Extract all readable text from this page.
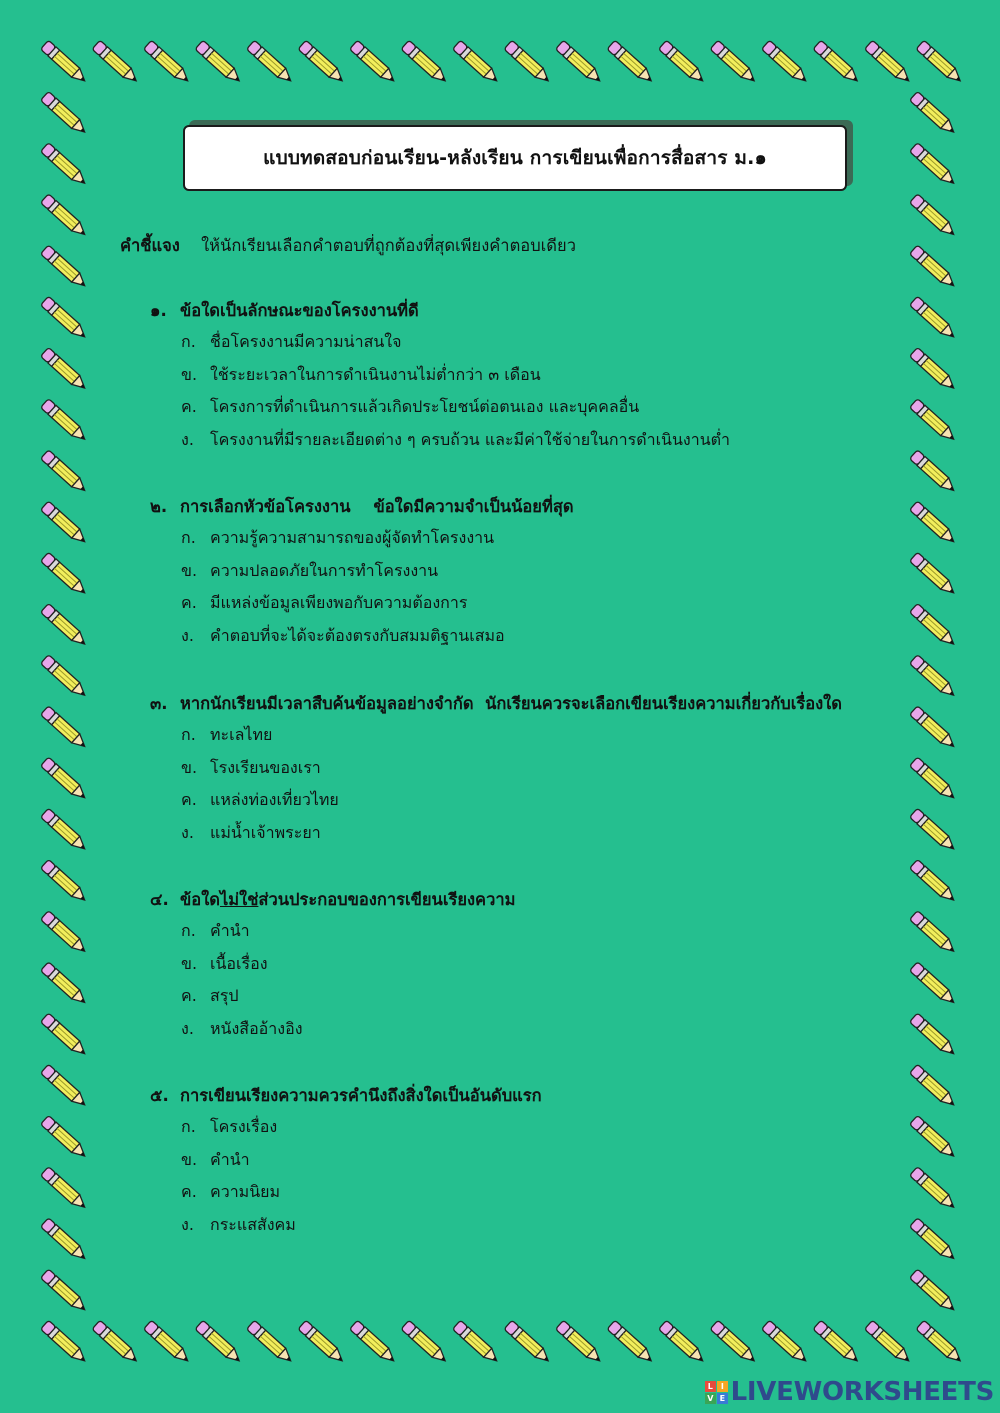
แบบทดสอบก่อนเรียน-หลังเรียน การเขียนเพื่อการสื่อสาร ม.๑
คำชี้แจง ให้นักเรียนเลือกคำตอบที่ถูกต้องที่สุดเพียงคำตอบเดียว
๑. ข้อใดเป็นลักษณะของโครงงานที่ดี
ก. ชื่อโครงงานมีความน่าสนใจ
ข. ใช้ระยะเวลาในการดำเนินงานไม่ต่ำกว่า ๓ เดือน
ค. โครงการที่ดำเนินการแล้วเกิดประโยชน์ต่อตนเอง และบุคคลอื่น
ง. โครงงานที่มีรายละเอียดต่าง ๆ ครบถ้วน และมีค่าใช้จ่ายในการดำเนินงานต่ำ
๒. การเลือกหัวข้อโครงงาน    ข้อใดมีความจำเป็นน้อยที่สุด
ก. ความรู้ความสามารถของผู้จัดทำโครงงาน
ข. ความปลอดภัยในการทำโครงงาน
ค. มีแหล่งข้อมูลเพียงพอกับความต้องการ
ง. คำตอบที่จะได้จะต้องตรงกับสมมติฐานเสมอ
๓. หากนักเรียนมีเวลาสืบค้นข้อมูลอย่างจำกัด  นักเรียนควรจะเลือกเขียนเรียงความเกี่ยวกับเรื่องใด
ก. ทะเลไทย
ข. โรงเรียนของเรา
ค. แหล่งท่องเที่ยวไทย
ง. แม่น้ำเจ้าพระยา
๔. ข้อใดไม่ใช่ส่วนประกอบของการเขียนเรียงความ
ก. คำนำ
ข. เนื้อเรื่อง
ค. สรุป
ง. หนังสืออ้างอิง
๕. การเขียนเรียงความควรคำนึงถึงสิ่งใดเป็นอันดับแรก
ก. โครงเรื่อง
ข. คำนำ
ค. ความนิยม
ง. กระแสสังคม
L	I
V E LIVEWORKSHEETS
